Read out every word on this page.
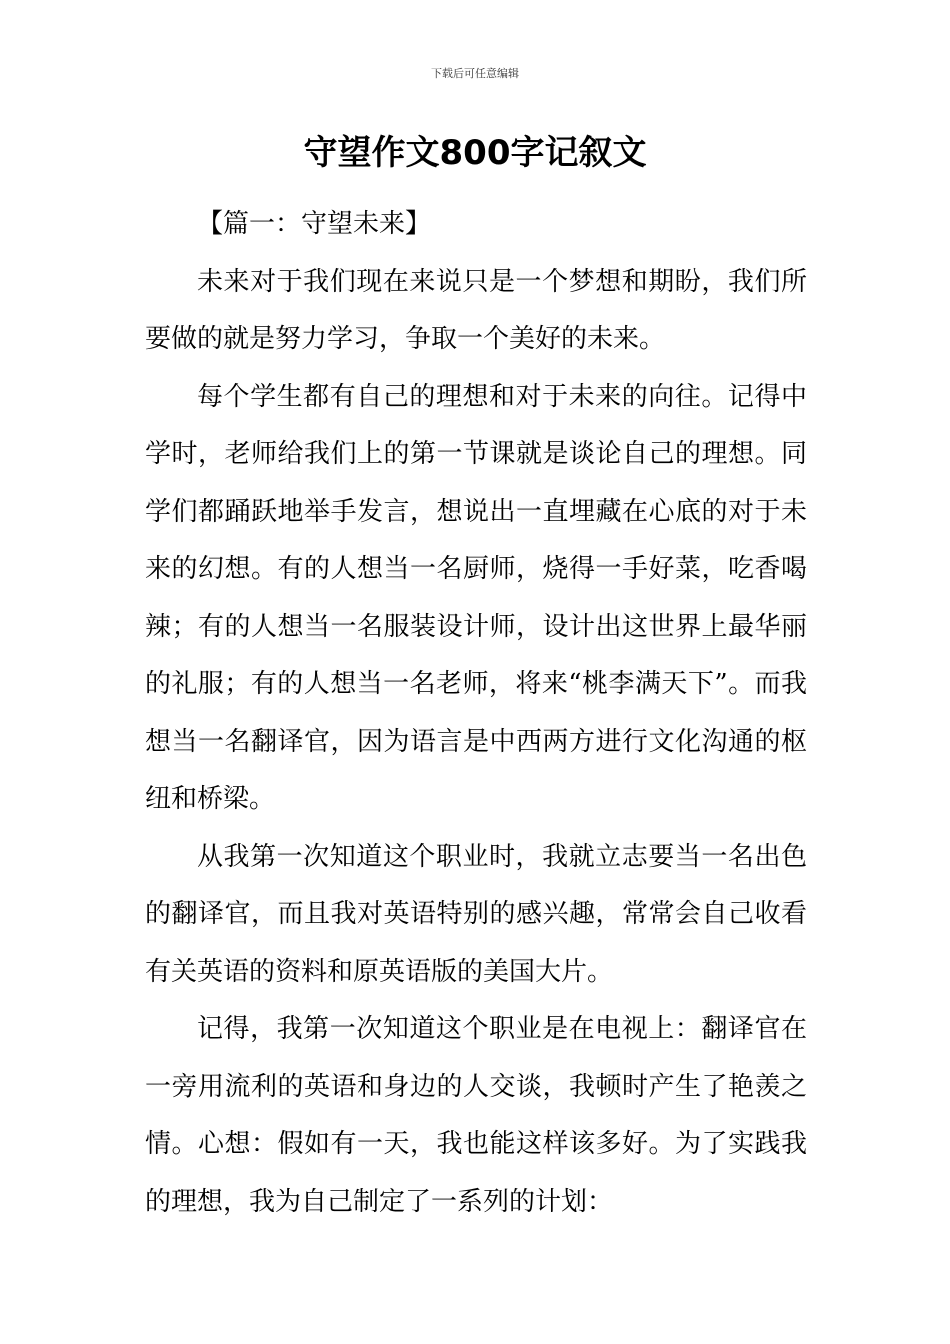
下载后可任意编辑
守望作文800字记叙文

【篇一：守望未来】

未来对于我们现在来说只是一个梦想和期盼，我们所要做的就是努力学习，争取一个美好的未来。

每个学生都有自己的理想和对于未来的向往。记得中学时，老师给我们上的第一节课就是谈论自己的理想。同学们都踊跃地举手发言，想说出一直埋藏在心底的对于未来的幻想。有的人想当一名厨师，烧得一手好菜，吃香喝辣；有的人想当一名服装设计师，设计出这世界上最华丽的礼服；有的人想当一名老师，将来“桃李满天下”。而我想当一名翻译官，因为语言是中西两方进行文化沟通的枢纽和桥梁。

从我第一次知道这个职业时，我就立志要当一名出色的翻译官，而且我对英语特别的感兴趣，常常会自己收看有关英语的资料和原英语版的美国大片。

记得，我第一次知道这个职业是在电视上：翻译官在一旁用流利的英语和身边的人交谈，我顿时产生了艳羡之情。心想：假如有一天，我也能这样该多好。为了实践我的理想，我为自己制定了一系列的计划：
